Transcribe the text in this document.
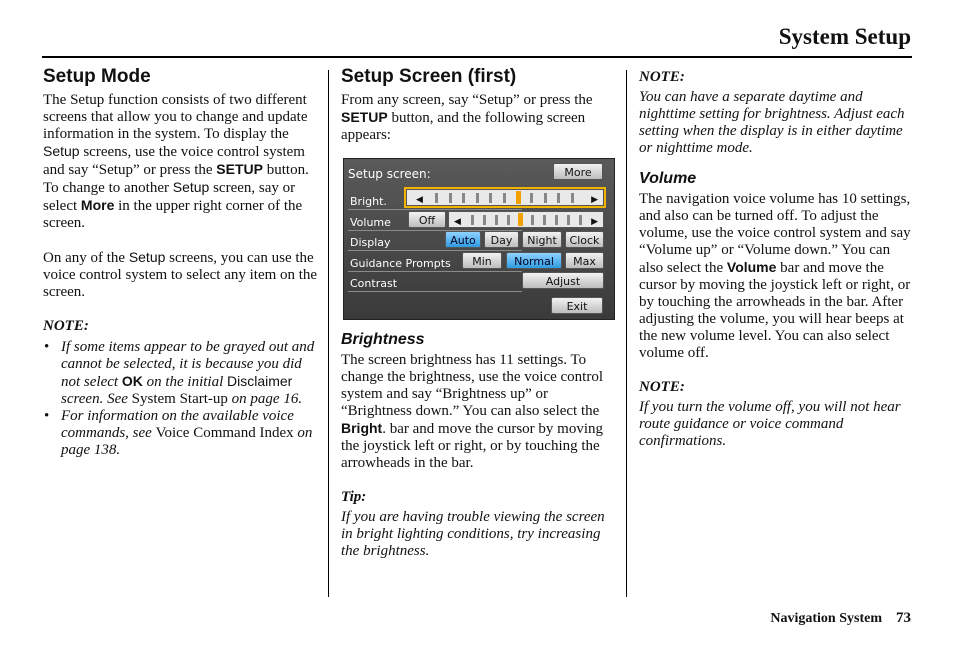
System Setup
Setup Mode

The Setup function consists of two different screens that allow you to change and update information in the system. To display the Setup screens, use the voice control system and say “Setup” or press the SETUP button. To change to another Setup screen, say or select More in the upper right corner of the screen.

On any of the Setup screens, you can use the voice control system to select any item on the screen.

NOTE:

• If some items appear to be grayed out and cannot be selected, it is because you did not select OK on the initial Disclaimer screen. See System Start-up on page 16.
• For information on the available voice commands, see Voice Command Index on page 138.
Setup Screen (first)

From any screen, say “Setup” or press the SETUP button, and the following screen appears:

Setup screen:	More
Bright.	◀	▶
Volume	Off	◀	▶
Display	Auto	Day	Night	Clock
Guidance Prompts	Min	Normal	Max
Contrast	Adjust
Exit
Brightness

The screen brightness has 11 settings. To change the brightness, use the voice control system and say “Brightness up” or “Brightness down.” You can also select the Bright. bar and move the cursor by moving the joystick left or right, or by touching the arrowheads in the bar.

Tip:

If you are having trouble viewing the screen in bright lighting conditions, try increasing the brightness.

NOTE:

You can have a separate daytime and nighttime setting for brightness. Adjust each setting when the display is in either daytime or nighttime mode.

Volume

The navigation voice volume has 10 settings, and also can be turned off. To adjust the volume, use the voice control system and say “Volume up” or “Volume down.” You can also select the Volume bar and move the cursor by moving the joystick left or right, or by touching the arrowheads in the bar. After adjusting the volume, you will hear beeps at the new volume level. You can also select volume off.

NOTE:

If you turn the volume off, you will not hear route guidance or voice command confirmations.

Navigation System 73
